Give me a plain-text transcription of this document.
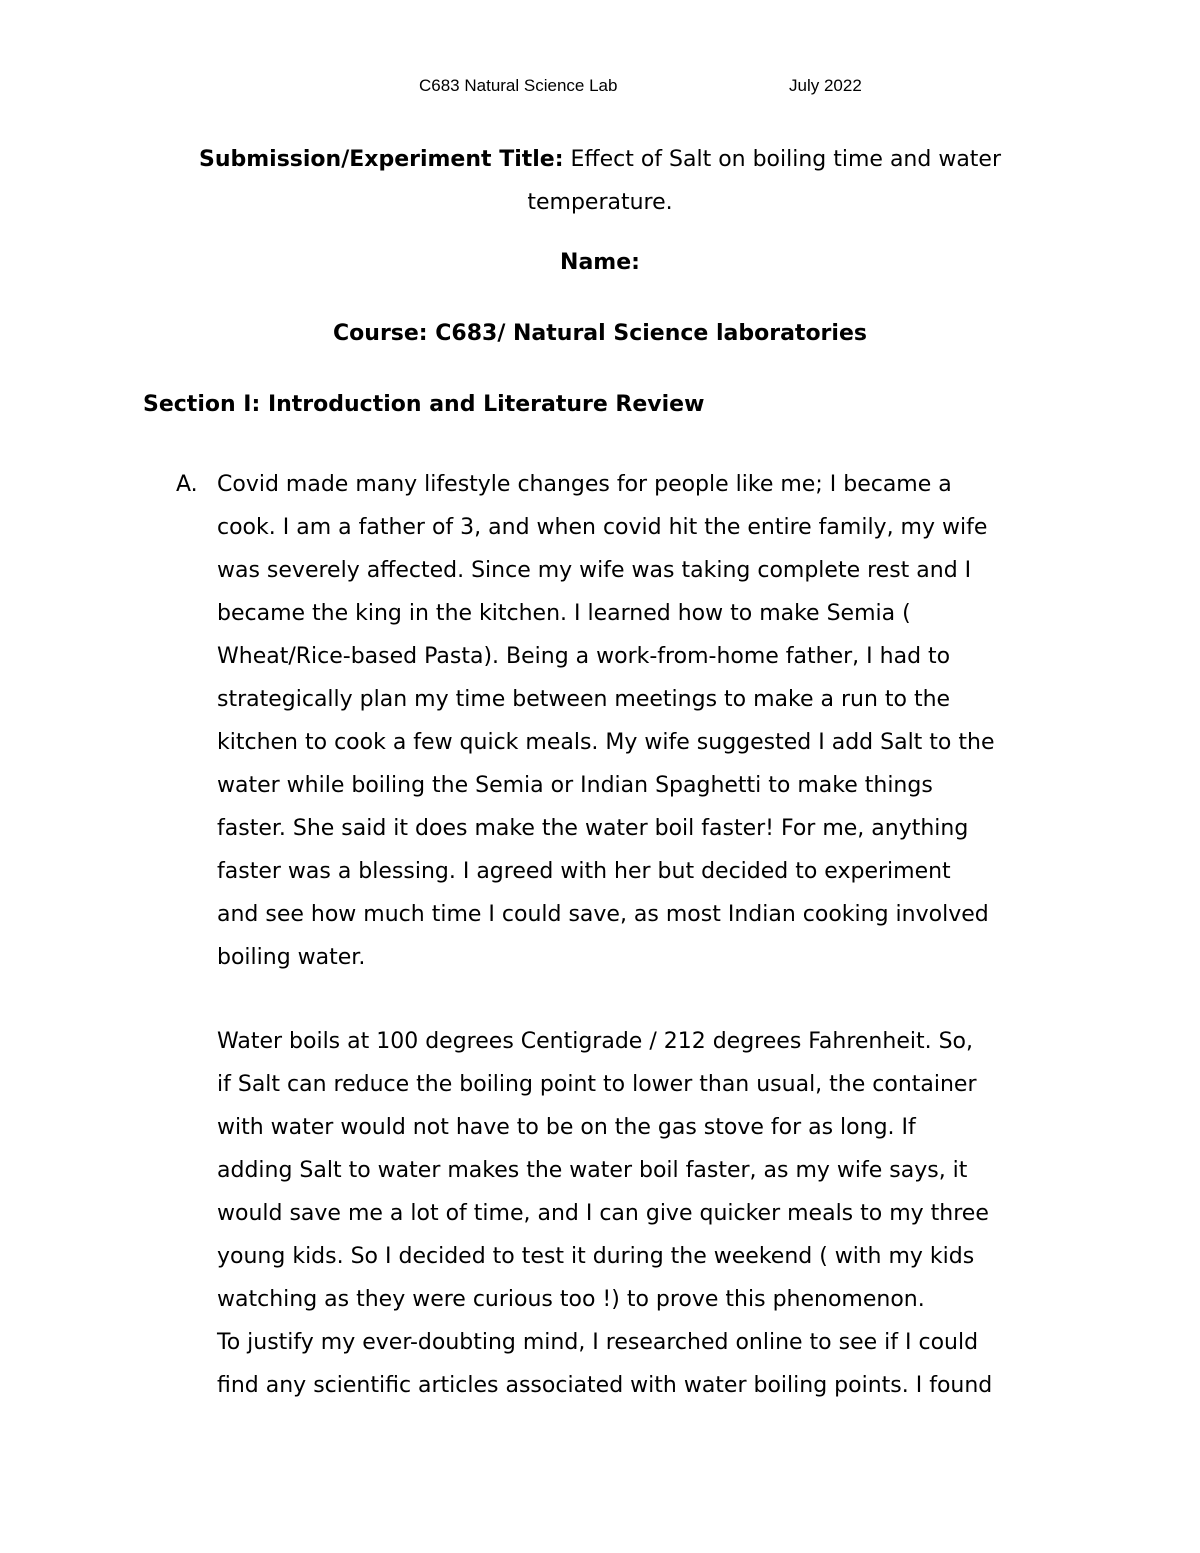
C683 Natural Science Lab	July 2022
Submission/Experiment Title: Effect of Salt on boiling time and water
temperature.
Name:
Course: C683/ Natural Science laboratories
Section I: Introduction and Literature Review
A. Covid made many lifestyle changes for people like me; I became a
cook. I am a father of 3, and when covid hit the entire family, my wife
was severely affected. Since my wife was taking complete rest and I
became the king in the kitchen. I learned how to make Semia (
Wheat/Rice-based Pasta). Being a work-from-home father, I had to
strategically plan my time between meetings to make a run to the
kitchen to cook a few quick meals. My wife suggested I add Salt to the
water while boiling the Semia or Indian Spaghetti to make things
faster. She said it does make the water boil faster! For me, anything
faster was a blessing. I agreed with her but decided to experiment
and see how much time I could save, as most Indian cooking involved
boiling water.
Water boils at 100 degrees Centigrade / 212 degrees Fahrenheit. So,
if Salt can reduce the boiling point to lower than usual, the container
with water would not have to be on the gas stove for as long. If
adding Salt to water makes the water boil faster, as my wife says, it
would save me a lot of time, and I can give quicker meals to my three
young kids. So I decided to test it during the weekend ( with my kids
watching as they were curious too !) to prove this phenomenon.
To justify my ever-doubting mind, I researched online to see if I could
find any scientific articles associated with water boiling points. I found
